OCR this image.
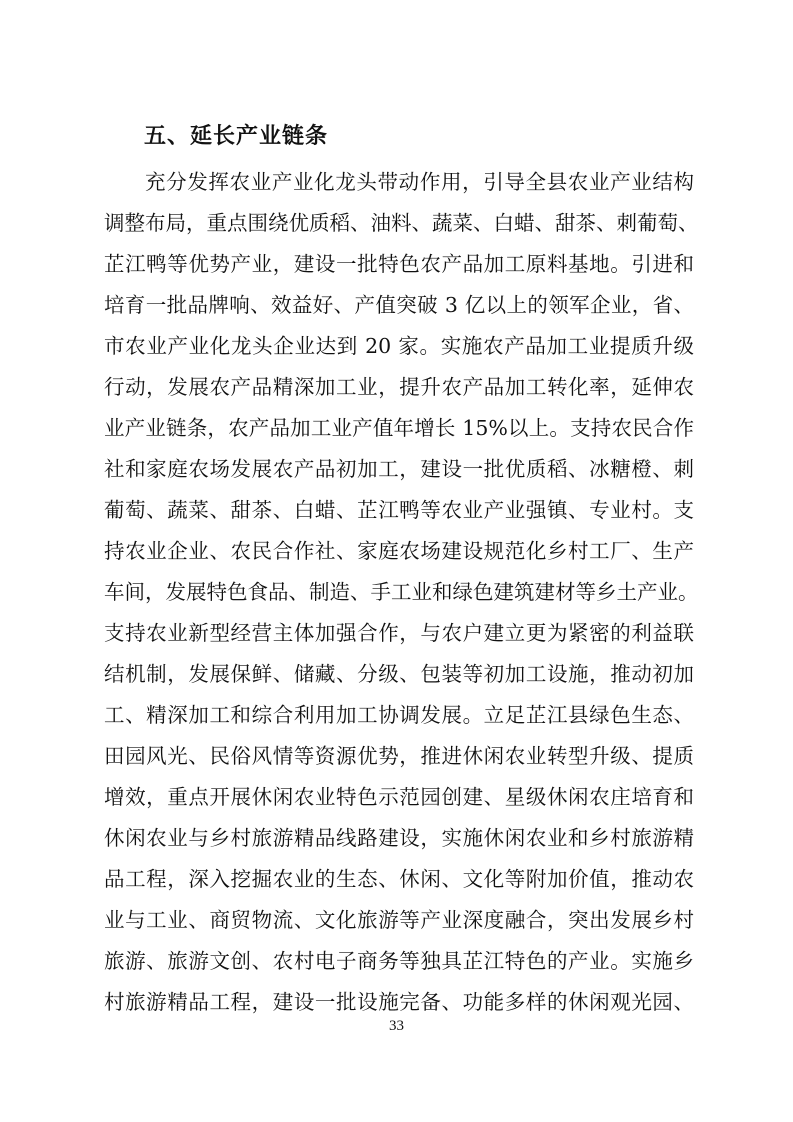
五、延长产业链条
充分发挥农业产业化龙头带动作用，引导全县农业产业结构
调整布局，重点围绕优质稻、油料、蔬菜、白蜡、甜茶、刺葡萄、
芷江鸭等优势产业，建设一批特色农产品加工原料基地。引进和
培育一批品牌响、效益好、产值突破 3 亿以上的领军企业，省、
市农业产业化龙头企业达到 20 家。实施农产品加工业提质升级
行动，发展农产品精深加工业，提升农产品加工转化率，延伸农
业产业链条，农产品加工业产值年增长 15%以上。支持农民合作
社和家庭农场发展农产品初加工，建设一批优质稻、冰糖橙、刺
葡萄、蔬菜、甜茶、白蜡、芷江鸭等农业产业强镇、专业村。支
持农业企业、农民合作社、家庭农场建设规范化乡村工厂、生产
车间，发展特色食品、制造、手工业和绿色建筑建材等乡土产业。
支持农业新型经营主体加强合作，与农户建立更为紧密的利益联
结机制，发展保鲜、储藏、分级、包装等初加工设施，推动初加
工、精深加工和综合利用加工协调发展。立足芷江县绿色生态、
田园风光、民俗风情等资源优势，推进休闲农业转型升级、提质
增效，重点开展休闲农业特色示范园创建、星级休闲农庄培育和
休闲农业与乡村旅游精品线路建设，实施休闲农业和乡村旅游精
品工程，深入挖掘农业的生态、休闲、文化等附加价值，推动农
业与工业、商贸物流、文化旅游等产业深度融合，突出发展乡村
旅游、旅游文创、农村电子商务等独具芷江特色的产业。实施乡
村旅游精品工程，建设一批设施完备、功能多样的休闲观光园、
33
